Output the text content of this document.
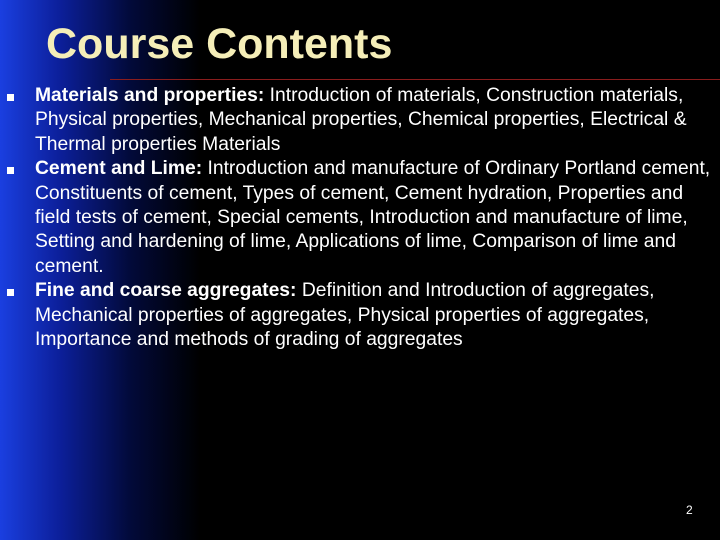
Course Contents
Materials and properties: Introduction of materials, Construction materials, Physical properties, Mechanical properties, Chemical properties, Electrical & Thermal properties Materials
Cement and Lime: Introduction and manufacture of Ordinary Portland cement, Constituents of cement, Types of cement, Cement hydration, Properties and field tests of cement, Special cements, Introduction and manufacture of lime, Setting and hardening of lime, Applications of lime, Comparison of lime and cement.
Fine and coarse aggregates: Definition and Introduction of aggregates, Mechanical properties of aggregates, Physical properties of aggregates, Importance and methods of grading of aggregates
2
